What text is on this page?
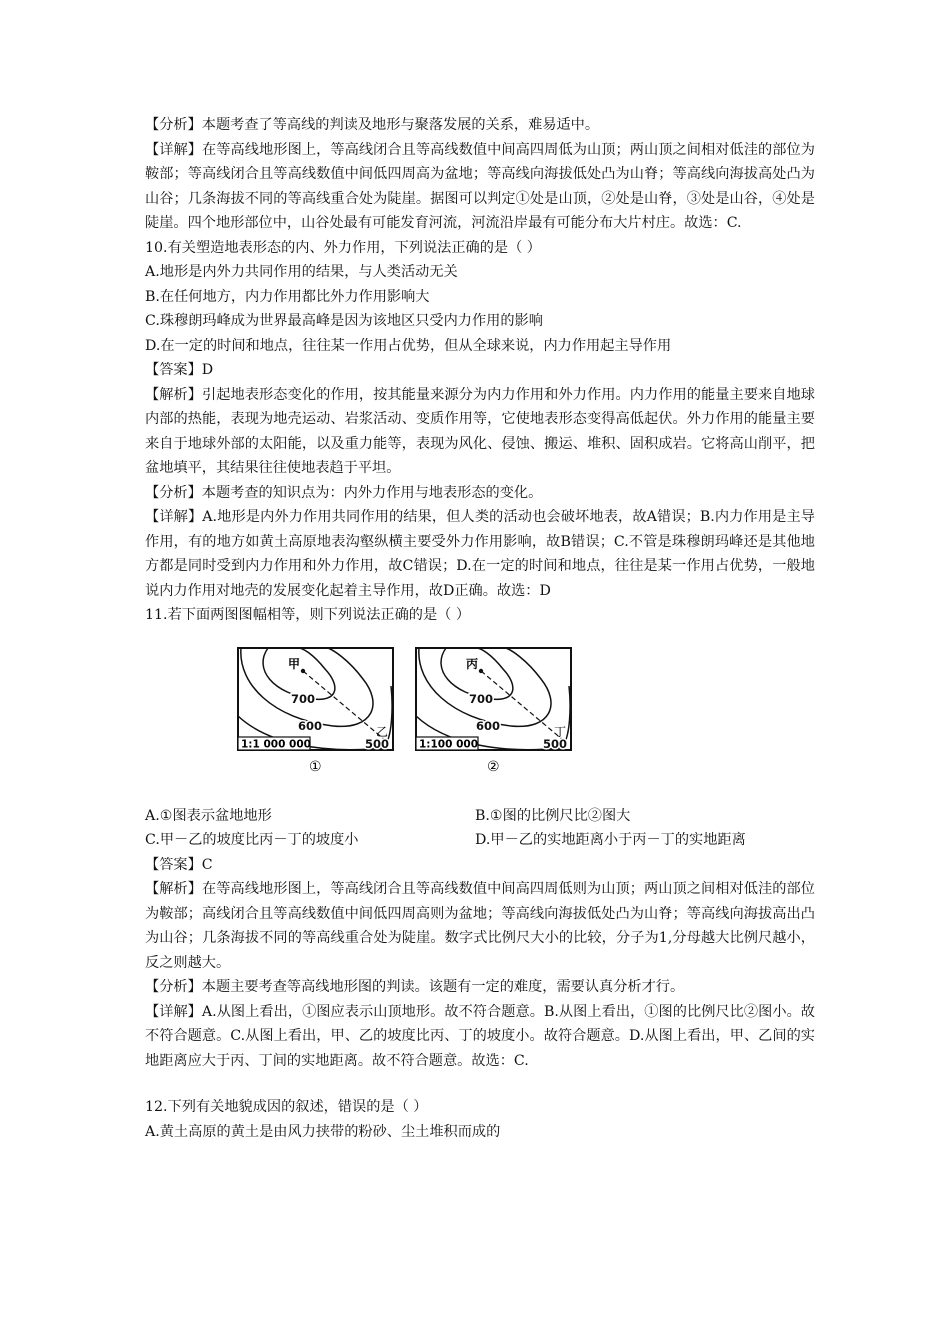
【分析】本题考查了等高线的判读及地形与聚落发展的关系，难易适中。

【详解】在等高线地形图上，等高线闭合且等高线数值中间高四周低为山顶；两山顶之间相对低洼的部位为鞍部；等高线闭合且等高线数值中间低四周高为盆地；等高线向海拔低处凸为山脊；等高线向海拔高处凸为山谷；几条海拔不同的等高线重合处为陡崖。据图可以判定①处是山顶，②处是山脊，③处是山谷，④处是陡崖。四个地形部位中，山谷处最有可能发育河流，河流沿岸最有可能分布大片村庄。故选：C.

10.有关塑造地表形态的内、外力作用，下列说法正确的是（ ）

A.地形是内外力共同作用的结果，与人类活动无关

B.在任何地方，内力作用都比外力作用影响大

C.珠穆朗玛峰成为世界最高峰是因为该地区只受内力作用的影响

D.在一定的时间和地点，往往某一作用占优势，但从全球来说，内力作用起主导作用

【答案】D

【解析】引起地表形态变化的作用，按其能量来源分为内力作用和外力作用。内力作用的能量主要来自地球内部的热能，表现为地壳运动、岩浆活动、变质作用等，它使地表形态变得高低起伏。外力作用的能量主要来自于地球外部的太阳能，以及重力能等，表现为风化、侵蚀、搬运、堆积、固积成岩。它将高山削平，把盆地填平，其结果往往使地表趋于平坦。

【分析】本题考查的知识点为：内外力作用与地表形态的变化。

【详解】A.地形是内外力作用共同作用的结果，但人类的活动也会破坏地表，故A错误；B.内力作用是主导作用，有的地方如黄土高原地表沟壑纵横主要受外力作用影响，故B错误；C.不管是珠穆朗玛峰还是其他地方都是同时受到内力作用和外力作用，故C错误；D.在一定的时间和地点，往往是某一作用占优势，一般地说内力作用对地壳的发展变化起着主导作用，故D正确。故选：D

11.若下面两图图幅相等，则下列说法正确的是（ ）

甲
乙
700
600
500
1:1 000 000
①
丙
丁
700
600
500
1:100 000
②
A.①图表示盆地地形	B.①图的比例尺比②图大
C.甲－乙的坡度比丙－丁的坡度小	D.甲－乙的实地距离小于丙－丁的实地距离

【答案】C

【解析】在等高线地形图上，等高线闭合且等高线数值中间高四周低则为山顶；两山顶之间相对低洼的部位为鞍部；高线闭合且等高线数值中间低四周高则为盆地；等高线向海拔低处凸为山脊；等高线向海拔高出凸为山谷；几条海拔不同的等高线重合处为陡崖。数字式比例尺大小的比较，分子为1,分母越大比例尺越小，反之则越大。

【分析】本题主要考查等高线地形图的判读。该题有一定的难度，需要认真分析才行。

【详解】A.从图上看出，①图应表示山顶地形。故不符合题意。B.从图上看出，①图的比例尺比②图小。故不符合题意。C.从图上看出，甲、乙的坡度比丙、丁的坡度小。故符合题意。D.从图上看出，甲、乙间的实地距离应大于丙、丁间的实地距离。故不符合题意。故选：C.

12.下列有关地貌成因的叙述，错误的是（ ）

A.黄土高原的黄土是由风力挟带的粉砂、尘土堆积而成的
